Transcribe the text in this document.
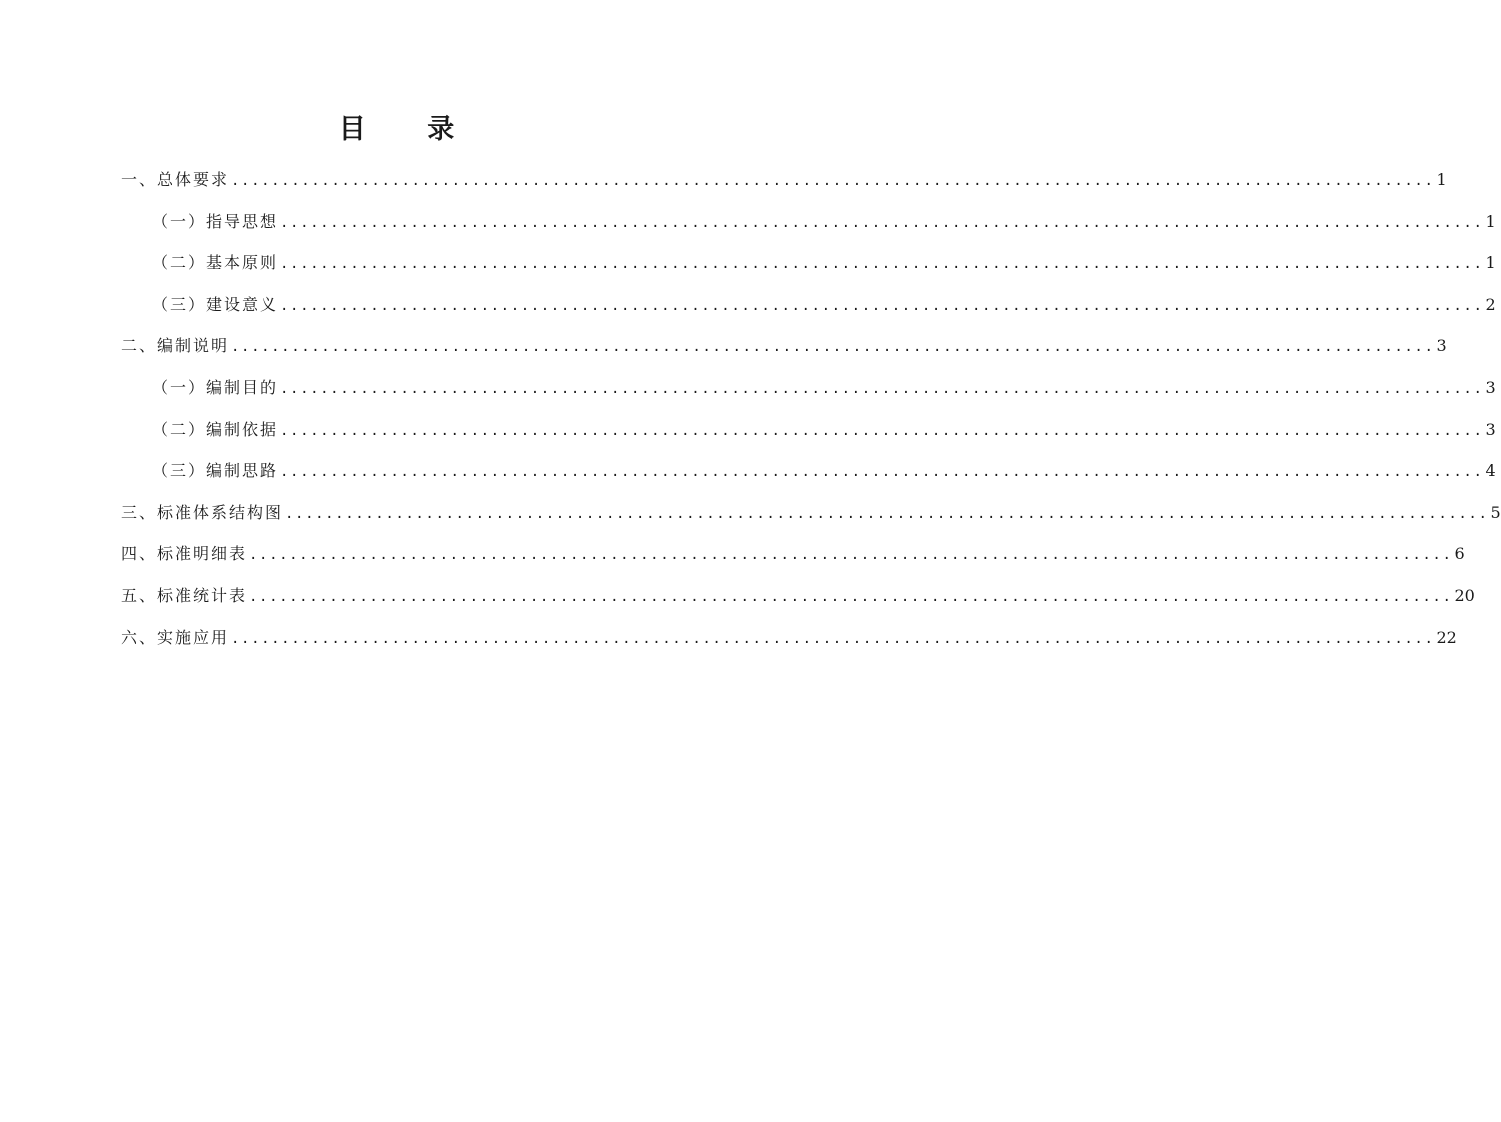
目 录
一、 总体要求 ........................................................................................................................ 1
（一） 指导思想 ........................................................................................................................ 1
（二） 基本原则 ........................................................................................................................ 1
（三） 建设意义 ........................................................................................................................ 2
二、 编制说明 ........................................................................................................................ 3
（一） 编制目的 ........................................................................................................................ 3
（二） 编制依据 ........................................................................................................................ 3
（三） 编制思路 ........................................................................................................................ 4
三、 标准体系结构图 ........................................................................................................................ 5
四、 标准明细表 ........................................................................................................................ 6
五、 标准统计表 ........................................................................................................................ 20
六、 实施应用 ........................................................................................................................ 22
